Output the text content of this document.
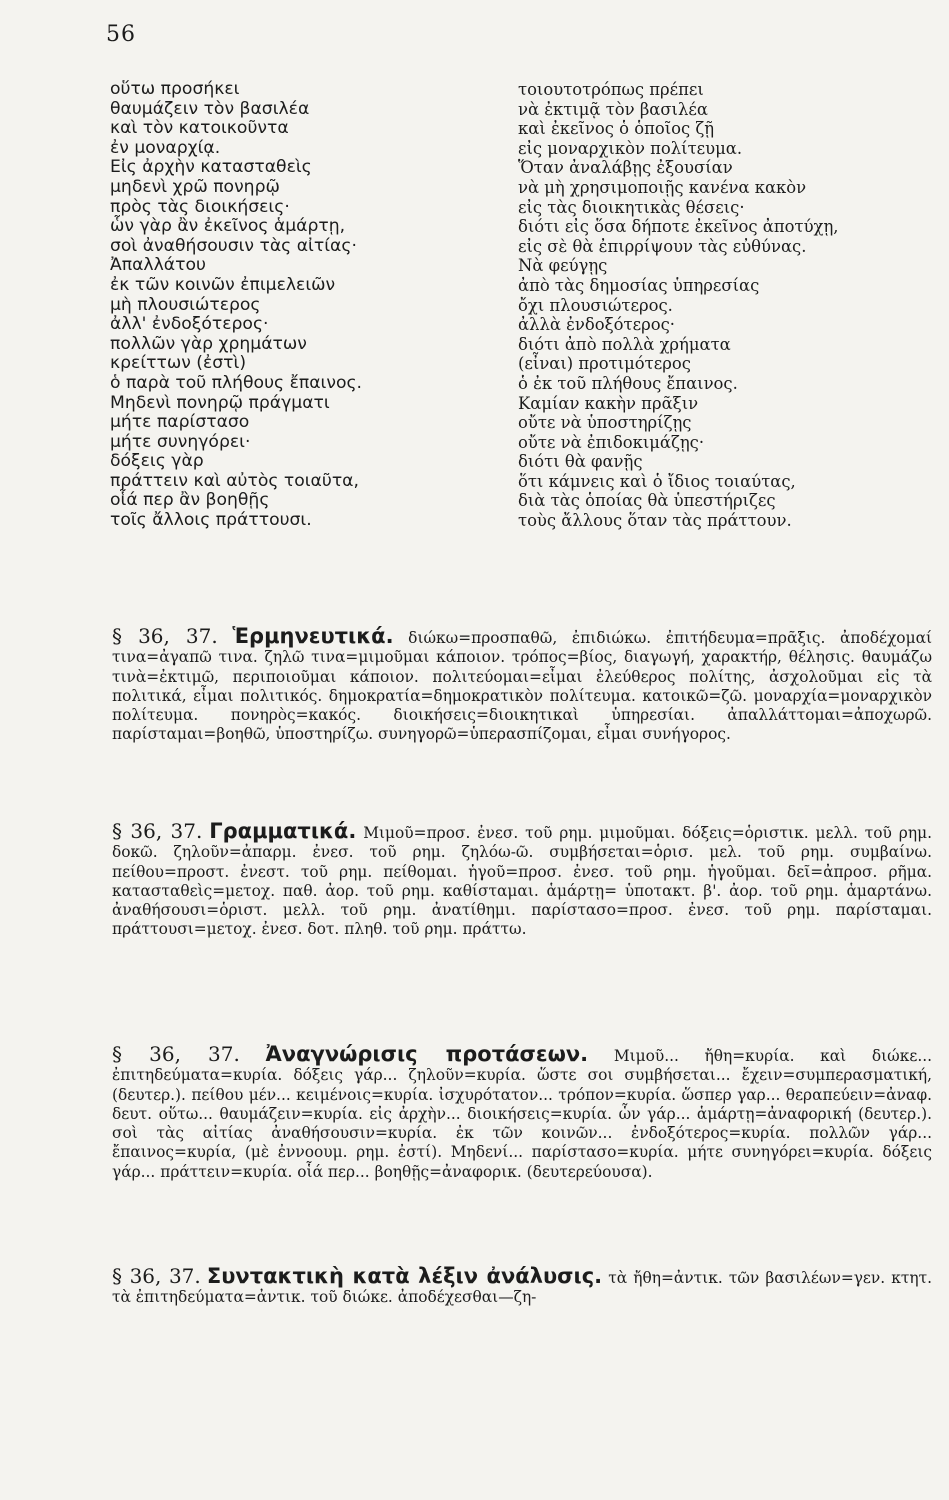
56
οὕτω προσήκει
θαυμάζειν τὸν βασιλέα
καὶ τὸν κατοικοῦντα
ἐν μοναρχίᾳ.
Εἰς ἀρχὴν κατασταθεὶς
μηδενὶ χρῶ πονηρῷ
πρὸς τὰς διοικήσεις·
ὧν γὰρ ἂν ἐκεῖνος ἁμάρτῃ,
σοὶ ἀναθήσουσιν τὰς αἰτίας·
Ἀπαλλάτου
ἐκ τῶν κοινῶν ἐπιμελειῶν
μὴ πλουσιώτερος
ἀλλ' ἐνδοξότερος·
πολλῶν γὰρ χρημάτων
κρείττων (ἐστὶ)
ὁ παρὰ τοῦ πλήθους ἔπαινος.
Μηδενὶ πονηρῷ πράγματι
μήτε παρίστασο
μήτε συνηγόρει·
δόξεις γὰρ
πράττειν καὶ αὐτὸς τοιαῦτα,
οἷά περ ἂν βοηθῇς
τοῖς ἄλλοις πράττουσι.
τοιουτοτρόπως πρέπει
νὰ ἐκτιμᾷ τὸν βασιλέα
καὶ ἐκεῖνος ὁ ὁποῖος ζῇ
εἰς μοναρχικὸν πολίτευμα.
Ὅταν ἀναλάβῃς ἐξουσίαν
νὰ μὴ χρησιμοποιῇς κανένα κακὸν
εἰς τὰς διοικητικὰς θέσεις·
διότι εἰς ὅσα δήποτε ἐκεῖνος ἀποτύχῃ,
εἰς σὲ θὰ ἐπιρρίψουν τὰς εὐθύνας.
Νὰ φεύγῃς
ἀπὸ τὰς δημοσίας ὑπηρεσίας
ὄχι πλουσιώτερος.
ἀλλὰ ἐνδοξότερος·
διότι ἀπὸ πολλὰ χρήματα
(εἶναι) προτιμότερος
ὁ ἐκ τοῦ πλήθους ἔπαινος.
Καμίαν κακὴν πρᾶξιν
οὔτε νὰ ὑποστηρίζῃς
οὔτε νὰ ἐπιδοκιμάζῃς·
διότι θὰ φανῇς
ὅτι κάμνεις καὶ ὁ ἴδιος τοιαύτας,
διὰ τὰς ὁποίας θὰ ὑπεστήριζες
τοὺς ἄλλους ὅταν τὰς πράττουν.

§ 36, 37. Ἑρμηνευτικά. διώκω=προσπαθῶ, ἐπιδιώκω. ἐπιτήδευμα=πρᾶξις. ἀποδέχομαί τινα=ἀγαπῶ τινα. ζηλῶ τινα=μιμοῦμαι κάποιον. τρόπος=βίος, διαγωγή, χαρακτήρ, θέλησις. θαυμάζω τινὰ=ἐκτιμῶ, περιποιοῦμαι κάποιον. πολιτεύομαι=εἶμαι ἐλεύθερος πολίτης, ἀσχολοῦμαι εἰς τὰ πολιτικά, εἶμαι πολιτικός. δημοκρατία=δημοκρατικὸν πολίτευμα. κατοικῶ=ζῶ. μοναρχία=μοναρχικὸν πολίτευμα. πονηρὸς=κακός. διοικήσεις=διοικητικαὶ ὑπηρεσίαι. ἀπαλλάττομαι=ἀποχωρῶ. παρίσταμαι=βοηθῶ, ὑποστηρίζω. συνηγορῶ=ὑπερασπίζομαι, εἶμαι συνήγορος.

§ 36, 37. Γραμματικά. Μιμοῦ=προσ. ἐνεσ. τοῦ ρημ. μιμοῦμαι. δόξεις=ὁριστικ. μελλ. τοῦ ρημ. δοκῶ. ζηλοῦν=ἀπαρμ. ἐνεσ. τοῦ ρημ. ζηλόω-ῶ. συμβήσεται=ὁρισ. μελ. τοῦ ρημ. συμβαίνω. πείθου=προστ. ἐνεστ. τοῦ ρημ. πείθομαι. ἡγοῦ=προσ. ἐνεσ. τοῦ ρημ. ἡγοῦμαι. δεῖ=ἀπροσ. ρῆμα. κατασταθεὶς=μετοχ. παθ. ἀορ. τοῦ ρημ. καθίσταμαι. ἁμάρτῃ= ὑποτακτ. β'. ἀορ. τοῦ ρημ. ἁμαρτάνω. ἀναθήσουσι=ὁριστ. μελλ. τοῦ ρημ. ἀνατίθημι. παρίστασο=προσ. ἐνεσ. τοῦ ρημ. παρίσταμαι. πράττουσι=μετοχ. ἐνεσ. δοτ. πληθ. τοῦ ρημ. πράττω.

§ 36, 37. Ἀναγνώρισις προτάσεων. Μιμοῦ... ἤθη=κυρία. καὶ διώκε... ἐπιτηδεύματα=κυρία. δόξεις γάρ... ζηλοῦν=κυρία. ὥστε σοι συμβήσεται... ἔχειν=συμπερασματική, (δευτερ.). πείθου μέν... κειμένοις=κυρία. ἰσχυρότατον... τρόπον=κυρία. ὥσπερ γαρ... θεραπεύειν=ἀναφ. δευτ. οὕτω... θαυμάζειν=κυρία. εἰς ἀρχὴν... διοικήσεις=κυρία. ὧν γάρ... ἁμάρτῃ=ἀναφορική (δευτερ.). σοὶ τὰς αἰτίας ἀναθήσουσιν=κυρία. ἐκ τῶν κοινῶν... ἐνδοξότερος=κυρία. πολλῶν γάρ... ἔπαινος=κυρία, (μὲ ἐννοουμ. ρημ. ἐστί). Μηδενί... παρίστασο=κυρία. μήτε συνηγόρει=κυρία. δόξεις γάρ... πράττειν=κυρία. οἷά περ... βοηθῇς=ἀναφορικ. (δευτερεύουσα).

§ 36, 37. Συντακτικὴ κατὰ λέξιν ἀνάλυσις. τὰ ἤθη=ἀντικ. τῶν βασιλέων=γεν. κτητ. τὰ ἐπιτηδεύματα=ἀντικ. τοῦ διώκε. ἀποδέχεσθαι—ζη-
